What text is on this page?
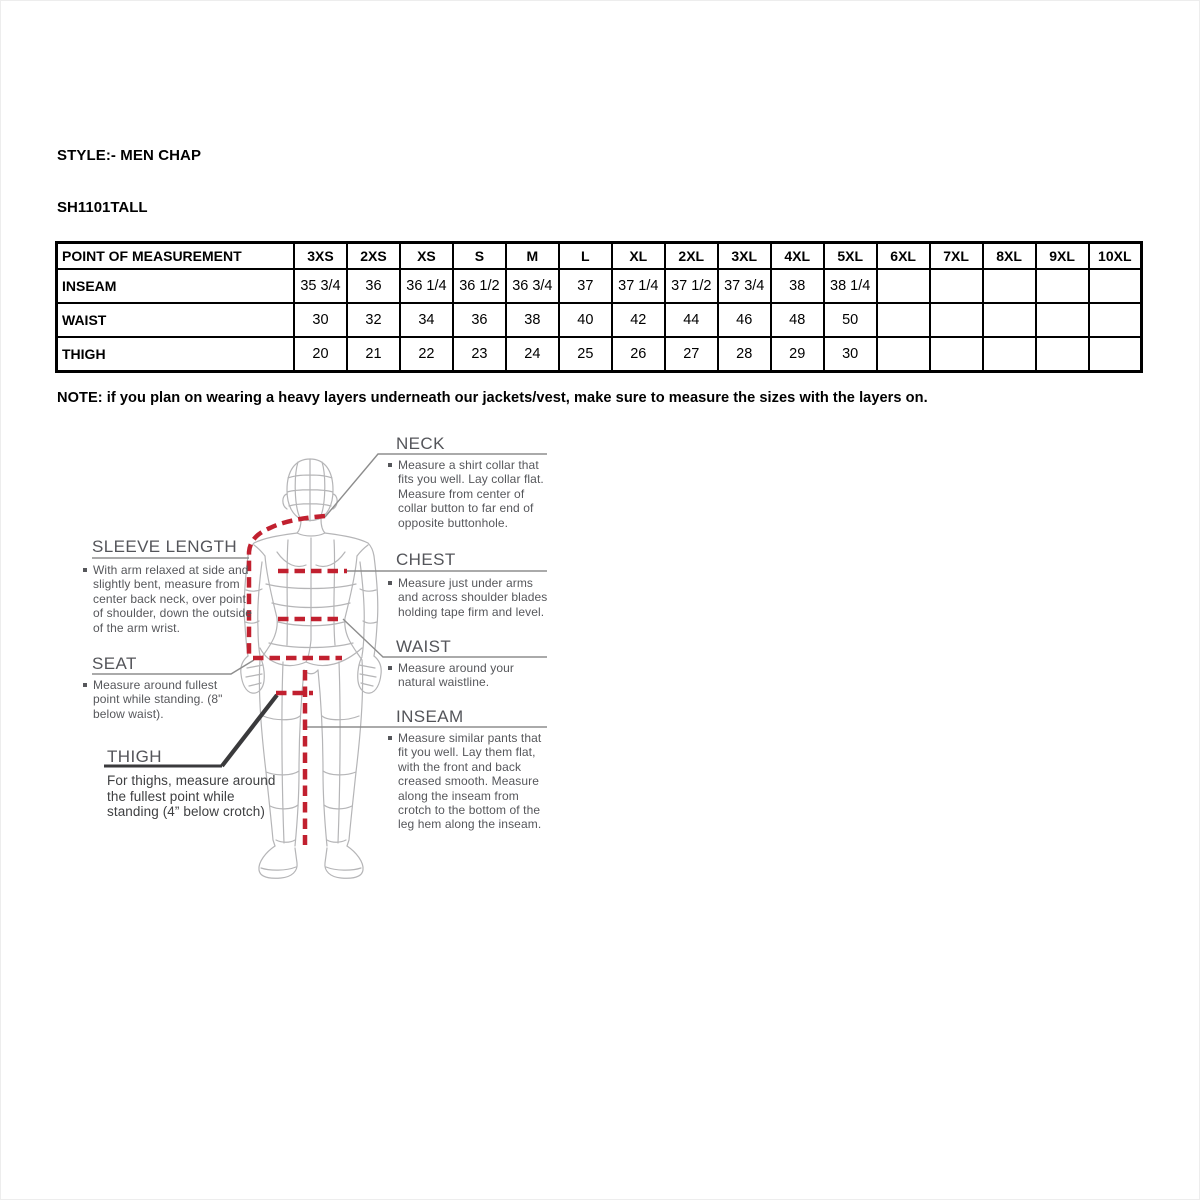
STYLE:- MEN CHAP
SH1101TALL
POINT OF MEASUREMENT	3XS	2XS	XS	S	M	L	XL	2XL	3XL	4XL	5XL	6XL	7XL	8XL	9XL	10XL
INSEAM	35 3/4	36	36 1/4	36 1/2	36 3/4	37	37 1/4	37 1/2	37 3/4	38	38 1/4					
WAIST	30	32	34	36	38	40	42	44	46	48	50					
THIGH	20	21	22	23	24	25	26	27	28	29	30					
NOTE: if you plan on wearing a heavy layers underneath our jackets/vest, make sure to measure the sizes with the layers on.
NECK
SLEEVE LENGTH
CHEST
SEAT
WAIST
THIGH
INSEAM
Measure a shirt collar that fits you well. Lay collar flat. Measure from center of collar button to far end of opposite buttonhole.
With arm relaxed at side and slightly bent, measure from center back neck, over point of shoulder, down the outside of the arm wrist.
Measure just under arms and across shoulder blades holding tape firm and level.
Measure around fullest point while standing. (8" below waist).
Measure around your natural waistline.
For thighs, measure around the fullest point while standing (4” below crotch)
Measure similar pants that fit you well. Lay them flat, with the front and back creased smooth. Measure along the inseam from crotch to the bottom of the leg hem along the inseam.
